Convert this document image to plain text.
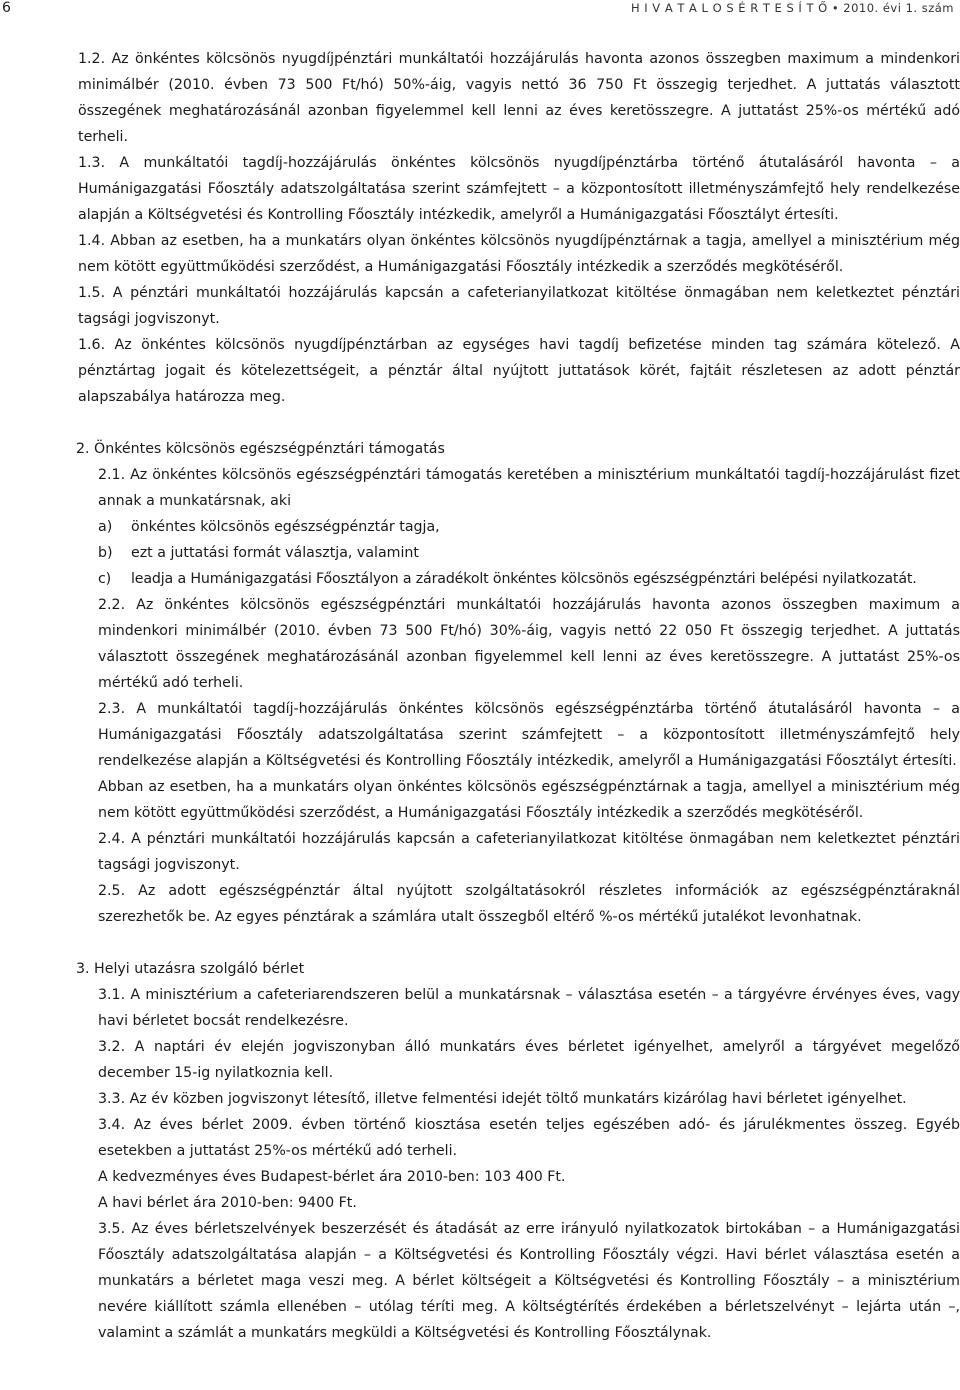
6	H I V A T A L O S É R T E S Í T Ő • 2010. évi 1. szám

1.2. Az önkéntes kölcsönös nyugdíjpénztári munkáltatói hozzájárulás havonta azonos összegben maximum a mindenkori minimálbér (2010. évben 73 500 Ft/hó) 50%-áig, vagyis nettó 36 750 Ft összegig terjedhet. A juttatás választott összegének meghatározásánál azonban figyelemmel kell lenni az éves keretösszegre. A juttatást 25%-os mértékű adó terheli.

1.3. A munkáltatói tagdíj-hozzájárulás önkéntes kölcsönös nyugdíjpénztárba történő átutalásáról havonta – a Humánigazgatási Főosztály adatszolgáltatása szerint számfejtett – a központosított illetményszámfejtő hely rendelkezése alapján a Költségvetési és Kontrolling Főosztály intézkedik, amelyről a Humánigazgatási Főosztályt értesíti.

1.4. Abban az esetben, ha a munkatárs olyan önkéntes kölcsönös nyugdíjpénztárnak a tagja, amellyel a minisztérium még nem kötött együttműködési szerződést, a Humánigazgatási Főosztály intézkedik a szerződés megkötéséről.

1.5. A pénztári munkáltatói hozzájárulás kapcsán a cafeterianyilatkozat kitöltése önmagában nem keletkeztet pénztári tagsági jogviszonyt.

1.6. Az önkéntes kölcsönös nyugdíjpénztárban az egységes havi tagdíj befizetése minden tag számára kötelező. A pénztártag jogait és kötelezettségeit, a pénztár által nyújtott juttatások körét, fajtáit részletesen az adott pénztár alapszabálya határozza meg.

2. Önkéntes kölcsönös egészségpénztári támogatás

2.1. Az önkéntes kölcsönös egészségpénztári támogatás keretében a minisztérium munkáltatói tagdíj-hozzájárulást fizet annak a munkatársnak, aki

a)	önkéntes kölcsönös egészségpénztár tagja,
b)	ezt a juttatási formát választja, valamint
c)	leadja a Humánigazgatási Főosztályon a záradékolt önkéntes kölcsönös egészségpénztári belépési nyilatkozatát.

2.2. Az önkéntes kölcsönös egészségpénztári munkáltatói hozzájárulás havonta azonos összegben maximum a mindenkori minimálbér (2010. évben 73 500 Ft/hó) 30%-áig, vagyis nettó 22 050 Ft összegig terjedhet. A juttatás választott összegének meghatározásánál azonban figyelemmel kell lenni az éves keretösszegre. A juttatást 25%-os mértékű adó terheli.

2.3. A munkáltatói tagdíj-hozzájárulás önkéntes kölcsönös egészségpénztárba történő átutalásáról havonta – a Humánigazgatási Főosztály adatszolgáltatása szerint számfejtett – a központosított illetményszámfejtő hely rendelkezése alapján a Költségvetési és Kontrolling Főosztály intézkedik, amelyről a Humánigazgatási Főosztályt értesíti.

Abban az esetben, ha a munkatárs olyan önkéntes kölcsönös egészségpénztárnak a tagja, amellyel a minisztérium még nem kötött együttműködési szerződést, a Humánigazgatási Főosztály intézkedik a szerződés megkötéséről.

2.4. A pénztári munkáltatói hozzájárulás kapcsán a cafeterianyilatkozat kitöltése önmagában nem keletkeztet pénztári tagsági jogviszonyt.

2.5. Az adott egészségpénztár által nyújtott szolgáltatásokról részletes információk az egészségpénztáraknál szerezhetők be. Az egyes pénztárak a számlára utalt összegből eltérő %-os mértékű jutalékot levonhatnak.

3. Helyi utazásra szolgáló bérlet

3.1. A minisztérium a cafeteriarendszeren belül a munkatársnak – választása esetén – a tárgyévre érvényes éves, vagy havi bérletet bocsát rendelkezésre.

3.2. A naptári év elején jogviszonyban álló munkatárs éves bérletet igényelhet, amelyről a tárgyévet megelőző december 15-ig nyilatkoznia kell.

3.3. Az év közben jogviszonyt létesítő, illetve felmentési idejét töltő munkatárs kizárólag havi bérletet igényelhet.

3.4. Az éves bérlet 2009. évben történő kiosztása esetén teljes egészében adó- és járulékmentes összeg. Egyéb esetekben a juttatást 25%-os mértékű adó terheli.

A kedvezményes éves Budapest-bérlet ára 2010-ben: 103 400 Ft.

A havi bérlet ára 2010-ben: 9400 Ft.

3.5. Az éves bérletszelvények beszerzését és átadását az erre irányuló nyilatkozatok birtokában – a Humánigazgatási Főosztály adatszolgáltatása alapján – a Költségvetési és Kontrolling Főosztály végzi. Havi bérlet választása esetén a munkatárs a bérletet maga veszi meg. A bérlet költségeit a Költségvetési és Kontrolling Főosztály – a minisztérium nevére kiállított számla ellenében – utólag téríti meg. A költségtérítés érdekében a bérletszelvényt – lejárta után –, valamint a számlát a munkatárs megküldi a Költségvetési és Kontrolling Főosztálynak.
